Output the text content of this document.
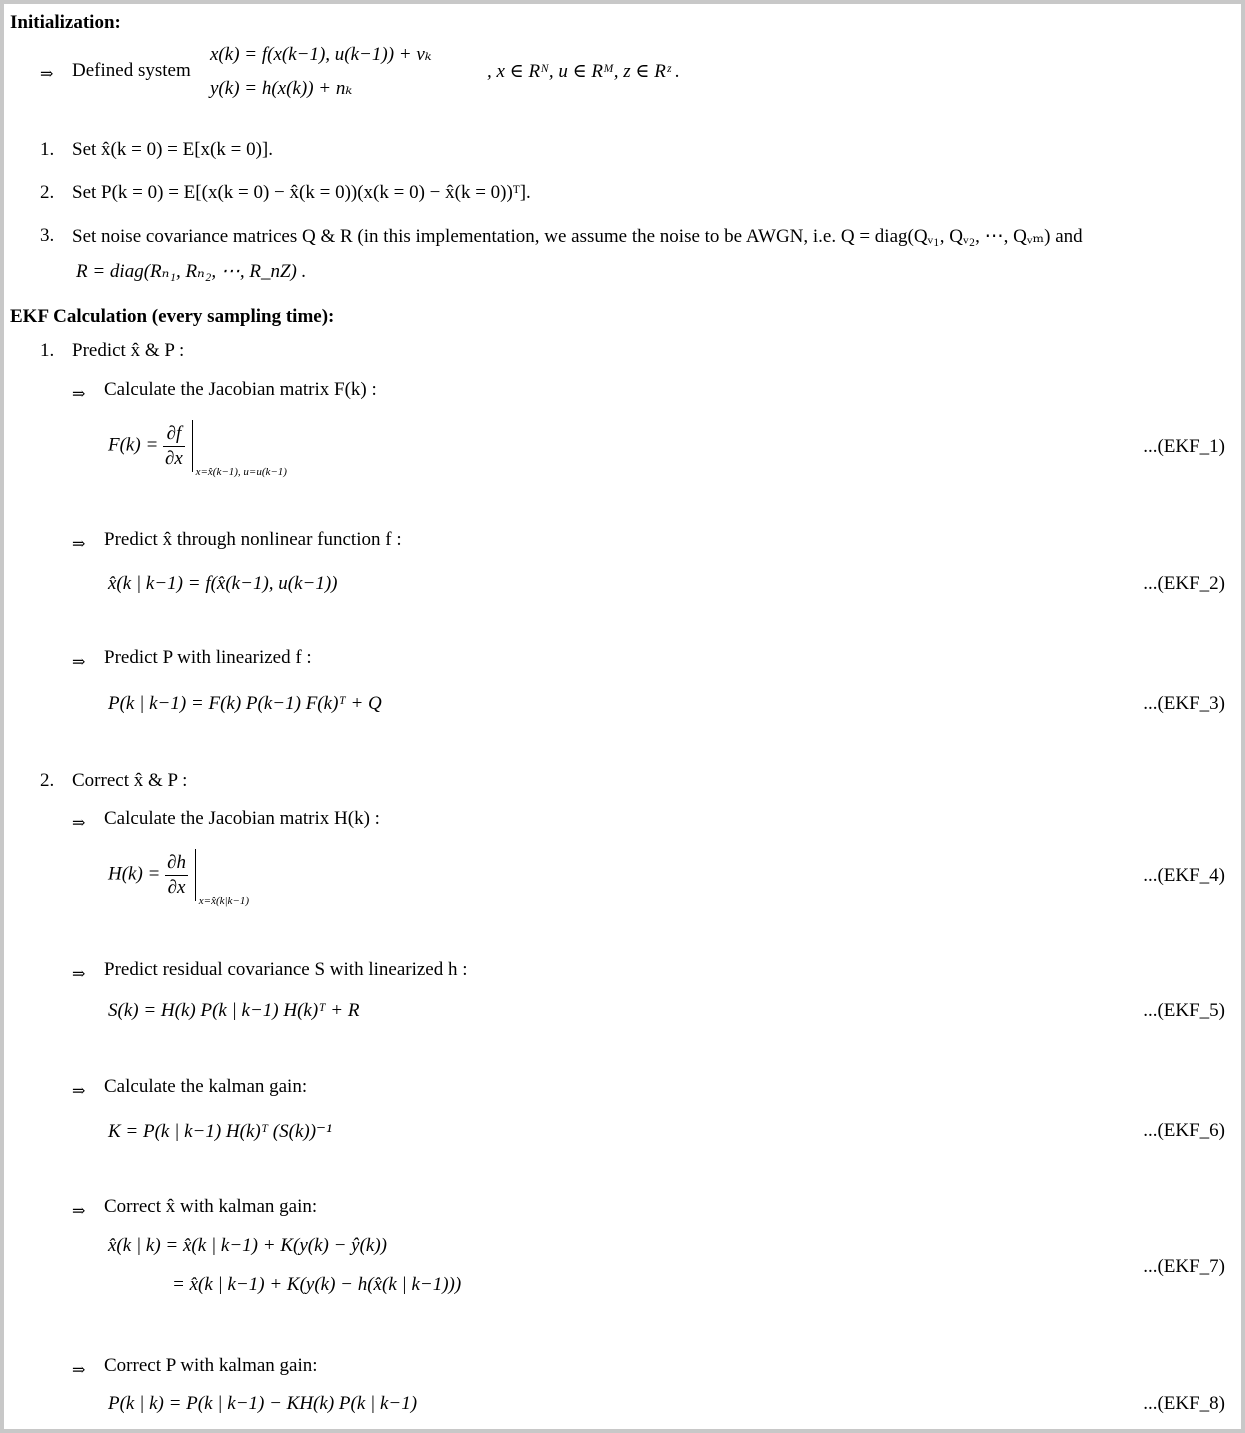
Initialization:
⇒ Defined system
x(k) = f(x(k−1), u(k−1)) + vₖ
y(k) = h(x(k)) + nₖ
, x ∈ Rᴺ, u ∈ Rᴹ, z ∈ Rᶻ .
1. Set x̂(k = 0) = E[x(k = 0)].
2. Set P(k = 0) = E[(x(k = 0) − x̂(k = 0))(x(k = 0) − x̂(k = 0))ᵀ].
3. Set noise covariance matrices Q & R (in this implementation, we assume the noise to be AWGN, i.e. Q = diag(Qᵥ₁, Qᵥ₂, ⋯, Qᵥₘ) and
R = diag(Rₙ₁, Rₙ₂, ⋯, R_nZ) .
EKF Calculation (every sampling time):
1. Predict x̂ & P :
⇒ Calculate the Jacobian matrix F(k) :
$F(k) = \frac{\partial f}{\partial x}$

x=x̂(k−1), u=u(k−1)
...(EKF_1)
⇒ Predict x̂ through nonlinear function f :
x̂(k | k−1) = f(x̂(k−1), u(k−1))	...(EKF_2)
⇒ Predict P with linearized f :
P(k | k−1) = F(k) P(k−1) F(k)ᵀ + Q	...(EKF_3)
2. Correct x̂ & P :
⇒ Calculate the Jacobian matrix H(k) :
$H(k) = \frac{\partial h}{\partial x}$

x=x̂(k|k−1)
...(EKF_4)
⇒ Predict residual covariance S with linearized h :
S(k) = H(k) P(k | k−1) H(k)ᵀ + R	...(EKF_5)
⇒ Calculate the kalman gain:
K = P(k | k−1) H(k)ᵀ (S(k))⁻¹	...(EKF_6)
⇒ Correct x̂ with kalman gain:
x̂(k | k) = x̂(k | k−1) + K(y(k) − ŷ(k))
= x̂(k | k−1) + K(y(k) − h(x̂(k | k−1)))
...(EKF_7)
⇒ Correct P with kalman gain:
P(k | k) = P(k | k−1) − KH(k) P(k | k−1)	...(EKF_8)
